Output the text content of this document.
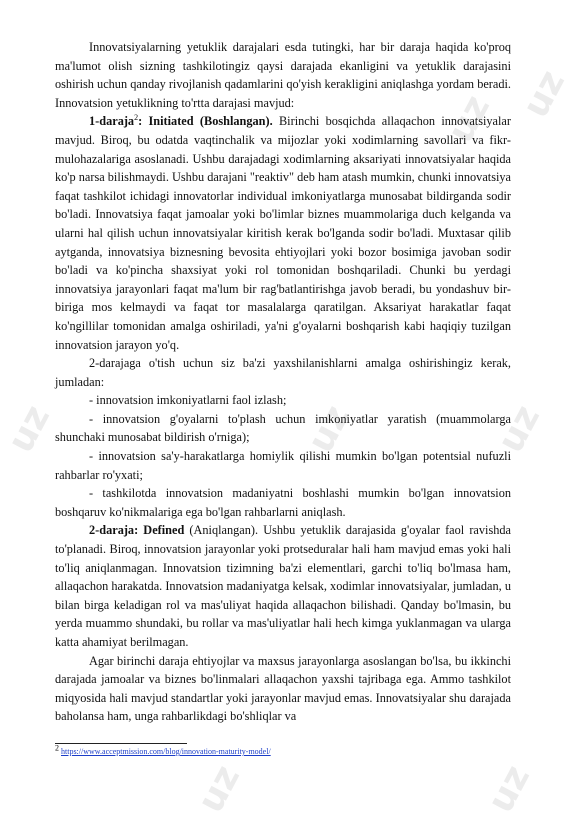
uz uz
uz	uz	uz
uz	uz

Innovatsiyalarning yetuklik darajalari esda tutingki, har bir daraja haqida ko'proq ma'lumot olish sizning tashkilotingiz qaysi darajada ekanligini va yetuklik darajasini oshirish uchun qanday rivojlanish qadamlarini qo'yish kerakligini aniqlashga yordam beradi. Innovatsion yetuklikning to'rtta darajasi mavjud:

1-daraja$^2$: Initiated (Boshlangan). Birinchi bosqichda allaqachon innovatsiyalar mavjud. Biroq, bu odatda vaqtinchalik va mijozlar yoki xodimlarning savollari va fikr-mulohazalariga asoslanadi. Ushbu darajadagi xodimlarning aksariyati innovatsiyalar haqida ko'p narsa bilishmaydi. Ushbu darajani "reaktiv" deb ham atash mumkin, chunki innovatsiya faqat tashkilot ichidagi innovatorlar individual imkoniyatlarga munosabat bildirganda sodir bo'ladi. Innovatsiya faqat jamoalar yoki bo'limlar biznes muammolariga duch kelganda va ularni hal qilish uchun innovatsiyalar kiritish kerak bo'lganda sodir bo'ladi. Muxtasar qilib aytganda, innovatsiya biznesning bevosita ehtiyojlari yoki bozor bosimiga javoban sodir bo'ladi va ko'pincha shaxsiyat yoki rol tomonidan boshqariladi. Chunki bu yerdagi innovatsiya jarayonlari faqat ma'lum bir rag'batlantirishga javob beradi, bu yondashuv bir-biriga mos kelmaydi va faqat tor masalalarga qaratilgan. Aksariyat harakatlar faqat ko'ngillilar tomonidan amalga oshiriladi, ya'ni g'oyalarni boshqarish kabi haqiqiy tuzilgan innovatsion jarayon yo'q.

2-darajaga o'tish uchun siz ba'zi yaxshilanishlarni amalga oshirishingiz kerak, jumladan:

- innovatsion imkoniyatlarni faol izlash;

- innovatsion g'oyalarni to'plash uchun imkoniyatlar yaratish (muammolarga shunchaki munosabat bildirish o'rniga);

- innovatsion sa'y-harakatlarga homiylik qilishi mumkin bo'lgan potentsial nufuzli rahbarlar ro'yxati;

- tashkilotda innovatsion madaniyatni boshlashi mumkin bo'lgan innovatsion boshqaruv ko'nikmalariga ega bo'lgan rahbarlarni aniqlash.

2-daraja: Defined (Aniqlangan). Ushbu yetuklik darajasida g'oyalar faol ravishda to'planadi. Biroq, innovatsion jarayonlar yoki protseduralar hali ham mavjud emas yoki hali to'liq aniqlanmagan. Innovatsion tizimning ba'zi elementlari, garchi to'liq bo'lmasa ham, allaqachon harakatda. Innovatsion madaniyatga kelsak, xodimlar innovatsiyalar, jumladan, u bilan birga keladigan rol va mas'uliyat haqida allaqachon bilishadi. Qanday bo'lmasin, bu yerda muammo shundaki, bu rollar va mas'uliyatlar hali hech kimga yuklanmagan va ularga katta ahamiyat berilmagan.

Agar birinchi daraja ehtiyojlar va maxsus jarayonlarga asoslangan bo'lsa, bu ikkinchi darajada jamoalar va biznes bo'linmalari allaqachon yaxshi tajribaga ega. Ammo tashkilot miqyosida hali mavjud standartlar yoki jarayonlar mavjud emas. Innovatsiyalar shu darajada baholansa ham, unga rahbarlikdagi bo'shliqlar va

$^2$ https://www.acceptmission.com/blog/innovation-maturity-model/
